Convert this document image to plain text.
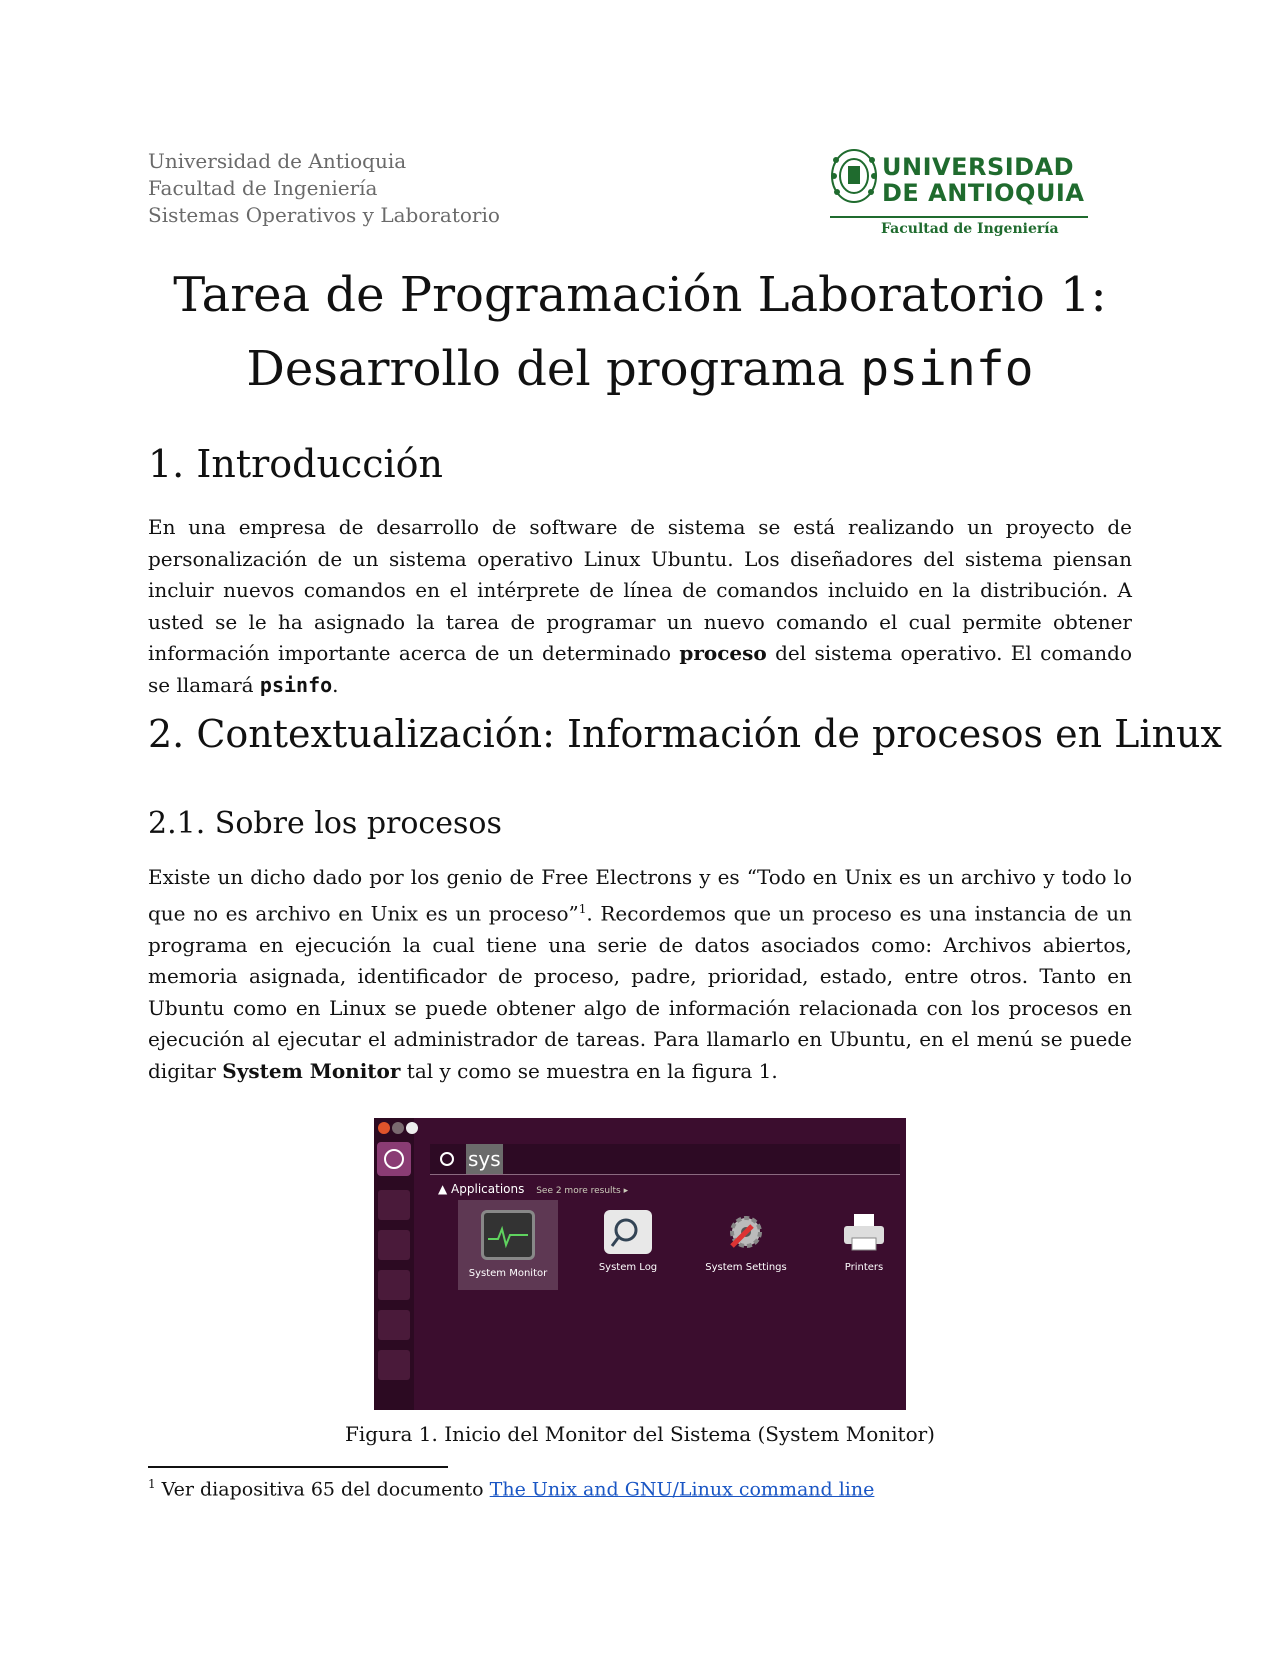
Universidad de Antioquia
Facultad de Ingeniería
Sistemas Operativos y Laboratorio
UNIVERSIDAD
DE ANTIOQUIA
Facultad de Ingeniería
Tarea de Programación Laboratorio 1:
Desarrollo del programa psinfo
1. Introducción
En una empresa de desarrollo de software de sistema se está realizando un proyecto de personalización de un sistema operativo Linux Ubuntu. Los diseñadores del sistema piensan incluir nuevos comandos en el intérprete de línea de comandos incluido en la distribución. A usted se le ha asignado la tarea de programar un nuevo comando el cual permite obtener información importante acerca de un determinado proceso del sistema operativo. El comando se llamará psinfo.
2. Contextualización: Información de procesos en Linux
2.1. Sobre los procesos
Existe un dicho dado por los genio de Free Electrons y es “Todo en Unix es un archivo y todo lo que no es archivo en Unix es un proceso”$^1$. Recordemos que un proceso es una instancia de un programa en ejecución la cual tiene una serie de datos asociados como: Archivos abiertos, memoria asignada, identificador de proceso, padre, prioridad, estado, entre otros. Tanto en Ubuntu como en Linux se puede obtener algo de información relacionada con los procesos en ejecución al ejecutar el administrador de tareas. Para llamarlo en Ubuntu, en el menú se puede digitar System Monitor tal y como se muestra en la figura 1.
sys
▲ Applications See 2 more results ▸
System Monitor
System Log	System Settings	Printers
Figura 1. Inicio del Monitor del Sistema (System Monitor)
$^1$ Ver diapositiva 65 del documento The Unix and GNU/Linux command line
